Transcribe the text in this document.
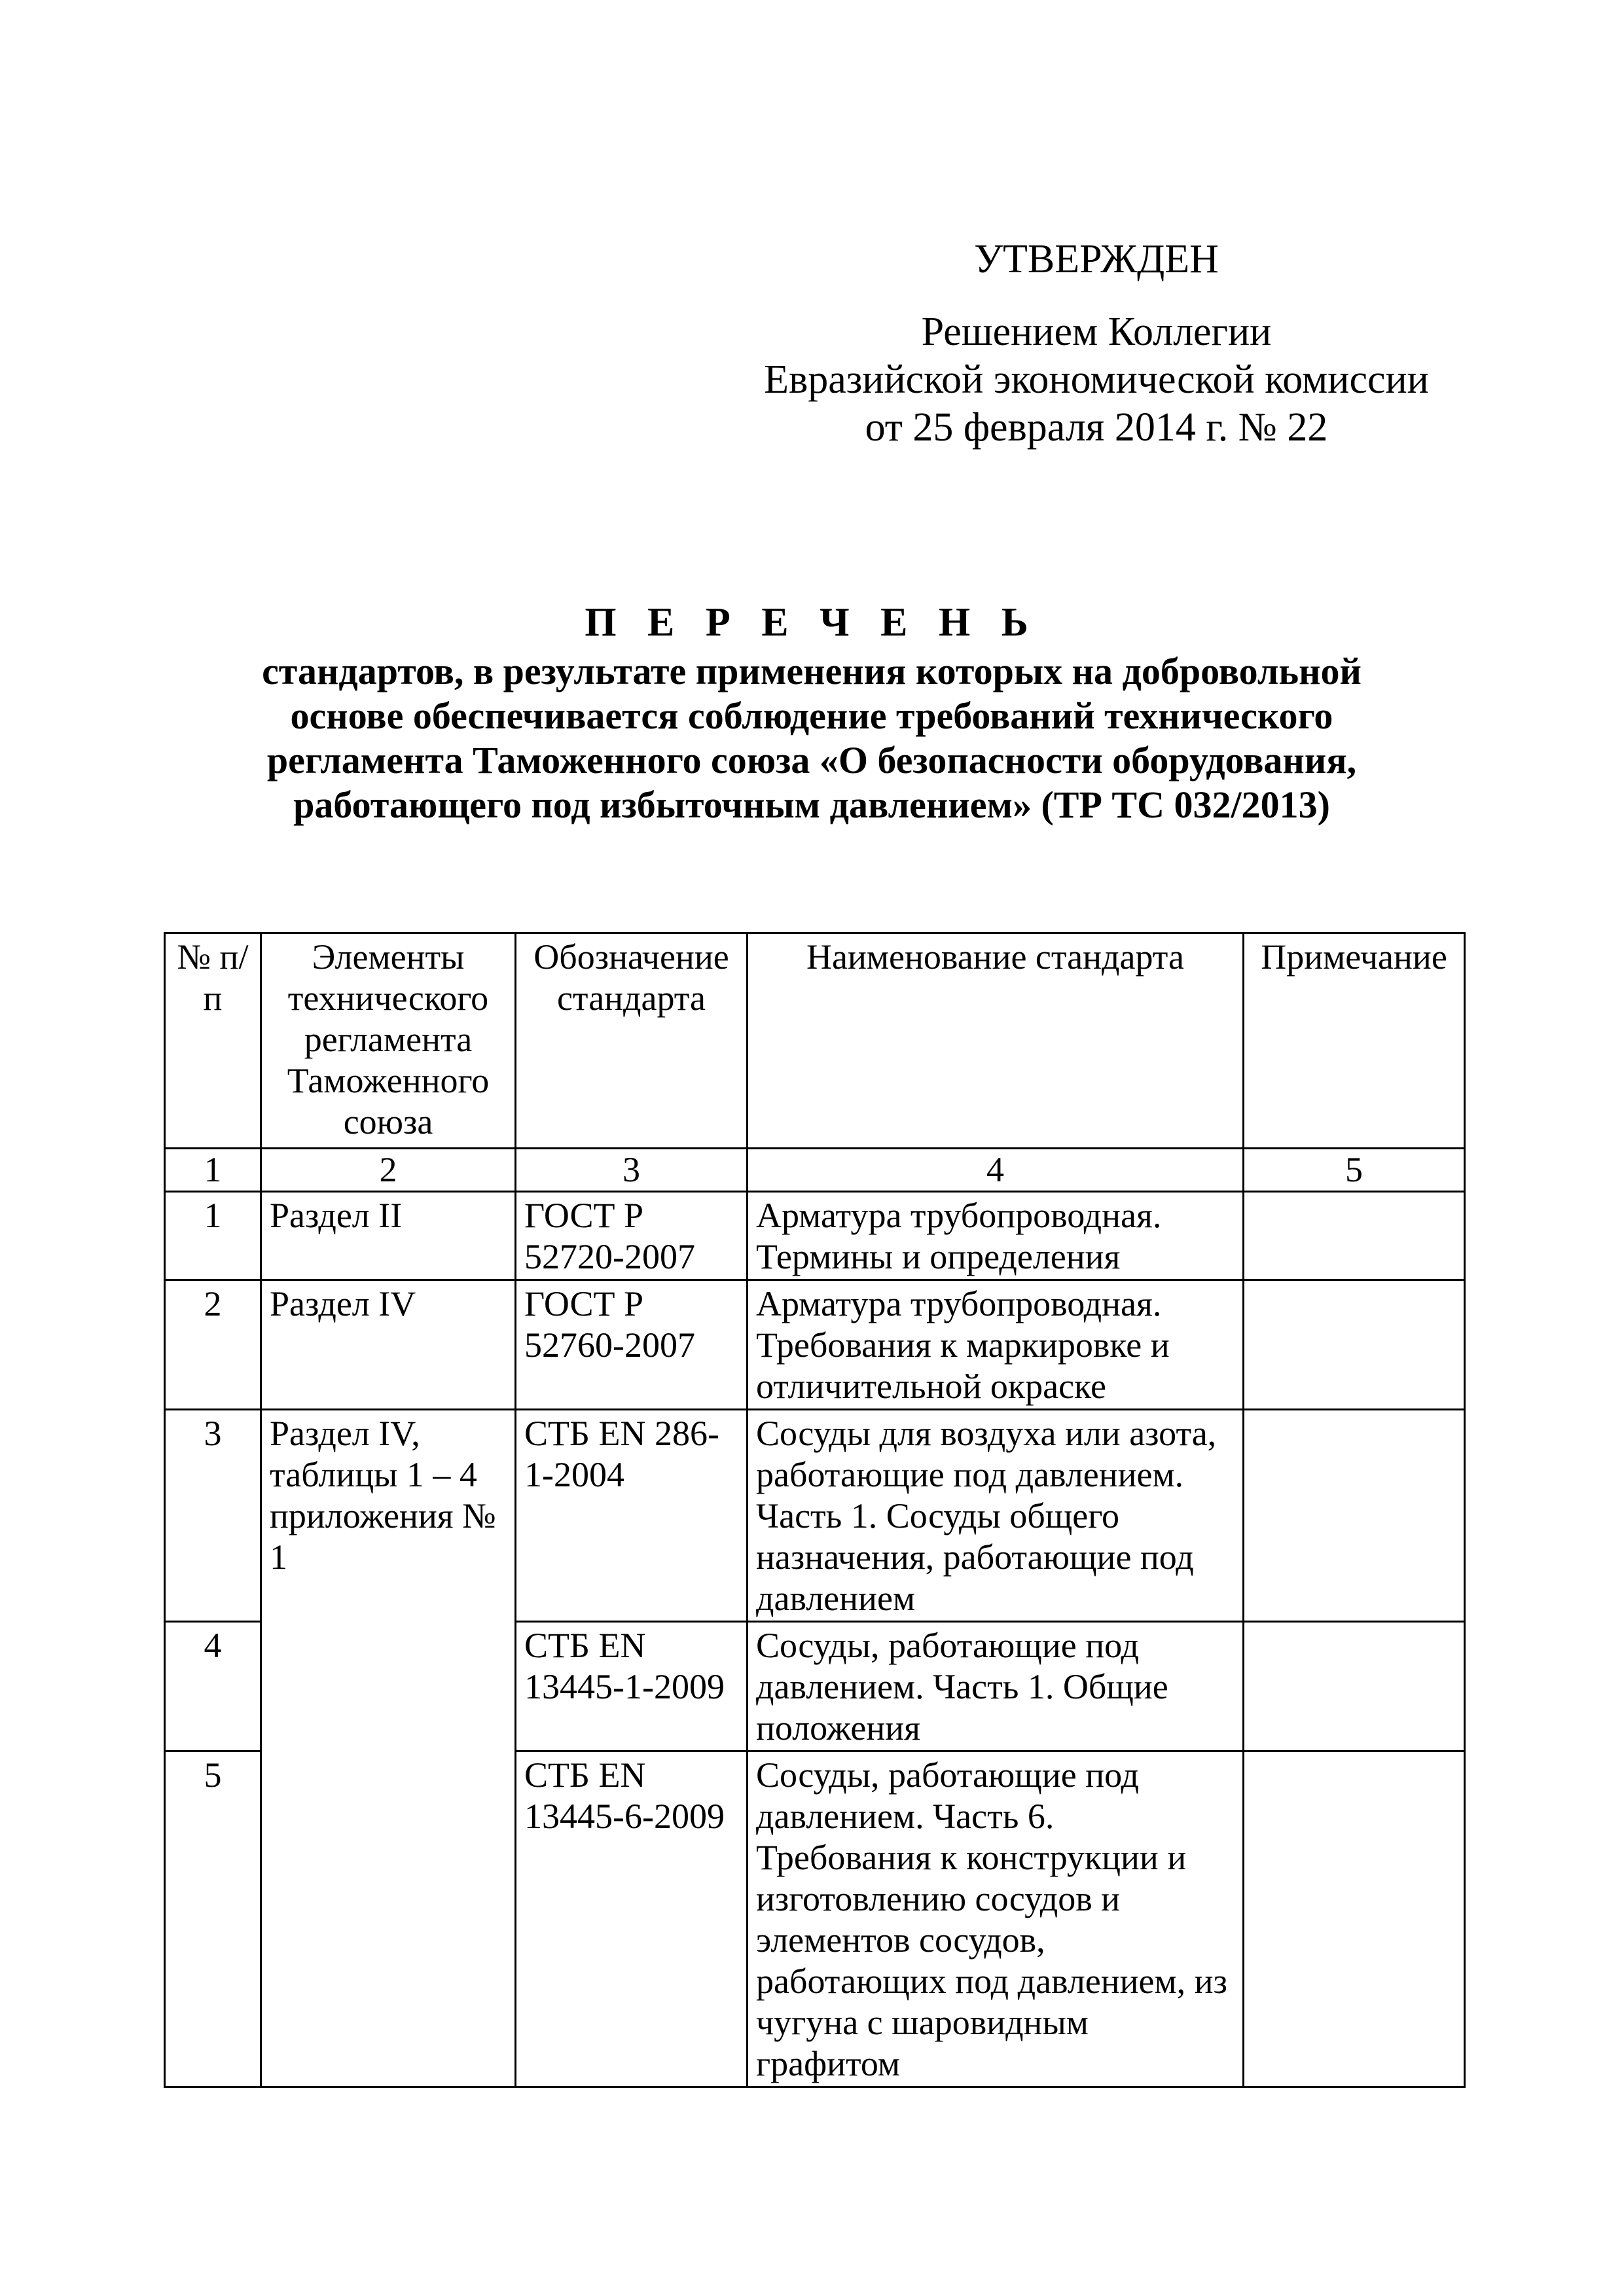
УТВЕРЖДЕН
Решением Коллегии
Евразийской экономической комиссии
от 25 февраля 2014 г. № 22
П Е Р Е Ч Е Н Ь
стандартов, в результате применения которых на добровольной
основе обеспечивается соблюдение требований технического
регламента Таможенного союза «О безопасности оборудования,
работающего под избыточным давлением» (ТР ТС 032/2013)
№ п/п	Элементы технического регламента Таможенного союза	Обозначение стандарта	Наименование стандарта	Примечание
1	2	3	4	5
1	Раздел II	ГОСТ Р 52720-2007	Арматура трубопроводная. Термины и определения	
2	Раздел IV	ГОСТ Р 52760-2007	Арматура трубопроводная. Требования к маркировке и отличительной окраске	
3	Раздел IV, таблицы 1 – 4 приложения № 1	СТБ EN 286-1-2004	Сосуды для воздуха или азота, работающие под давлением. Часть 1. Сосуды общего назначения, работающие под давлением	
4		СТБ EN 13445-1-2009	Сосуды, работающие под давлением. Часть 1. Общие положения	
5		СТБ EN 13445-6-2009	Сосуды, работающие под давлением. Часть 6. Требования к конструкции и изготовлению сосудов и элементов сосудов, работающих под давлением, из чугуна с шаровидным графитом	
